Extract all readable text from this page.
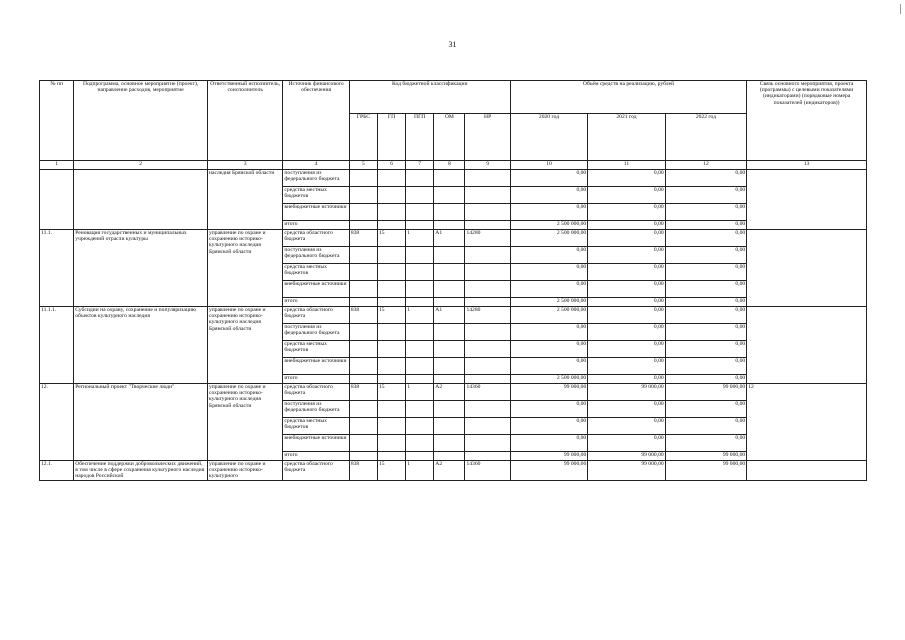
31
№ пп	Подпрограмма, основное мероприятие (проект), направление расходов, мероприятие	Ответственный исполнитель, соисполнитель	Источник финансового обеспечения	Код бюджетной классификации					Объём средств на реализацию, рублей			Связь основного мероприятия, проекта (программы) с целевыми показателями (индикаторами) (порядковые номера показателей (индикаторов))
				ГРБС	ГП	ПГП	ОМ	НР	2020 год	2021 год	2022 год	
1	2	3	4	5	6	7	8	9	10	11	12	13
		наследия Брянской области	поступления из федерального бюджета						0,00	0,00	0,00	
			средства местных бюджетов						0,00	0,00	0,00	
			внебюджетные источники						0,00	0,00	0,00	
			итого						2 500 000,00	0,00	0,00	
11.1.	Реновация государственных и муниципальных учреждений отрасли культуры	управление по охране и сохранению историко-культурного наследия Брянской области	средства областного бюджета	838	15	1	А1	14280	2 500 000,00	0,00	0,00	
			поступления из федерального бюджета						0,00	0,00	0,00	
			средства местных бюджетов						0,00	0,00	0,00	
			внебюджетные источники						0,00	0,00	0,00	
			итого						2 500 000,00	0,00	0,00	
11.1.1.	Субсидии на охрану, сохранение и популяризацию объектов культурного наследия	управление по охране и сохранению историко-культурного наследия Брянской области	средства областного бюджета	838	15	1	А1	14280	2 500 000,00	0,00	0,00	
			поступления из федерального бюджета						0,00	0,00	0,00	
			средства местных бюджетов						0,00	0,00	0,00	
			внебюджетные источники						0,00	0,00	0,00	
			итого						2 500 000,00	0,00	0,00	
12.	Региональный проект "Творческие люди"	управление по охране и сохранению историко-культурного наследия Брянской области	средства областного бюджета	838	15	1	А2	14360	99 000,00	99 000,00	99 000,00	12
			поступления из федерального бюджета						0,00	0,00	0,00	
			средства местных бюджетов						0,00	0,00	0,00	
			внебюджетные источники						0,00	0,00	0,00	
			итого						99 000,00	99 000,00	99 000,00	
12.1.	Обеспечение поддержки добровольческих движений, в том числе в сфере сохранения культурного наследия народов Российской	управление по охране и сохранению историко-культурного	средства областного бюджета	838	15	1	А2	14360	99 000,00	99 000,00	99 000,00	
